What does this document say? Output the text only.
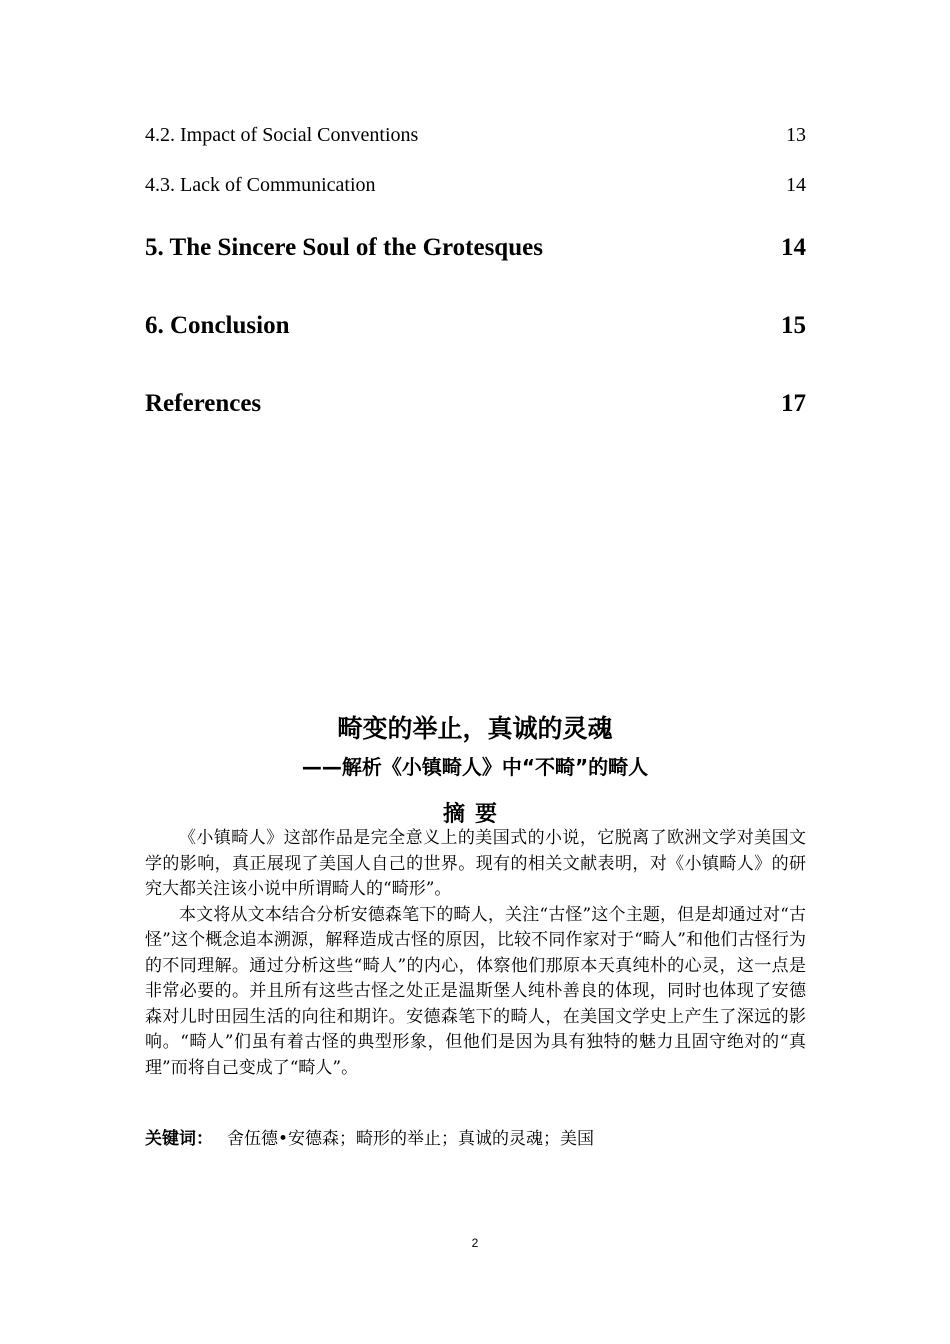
4.2. Impact of Social Conventions	13
4.3. Lack of Communication	14
5. The Sincere Soul of the Grotesques	14
6. Conclusion	15
References	17
畸变的举止，真诚的灵魂
——解析《小镇畸人》中“不畸”的畸人
摘要

《小镇畸人》这部作品是完全意义上的美国式的小说，它脱离了欧洲文学对美国文学的影响，真正展现了美国人自己的世界。现有的相关文献表明，对《小镇畸人》的研究大都关注该小说中所谓畸人的“畸形”。

本文将从文本结合分析安德森笔下的畸人，关注“古怪”这个主题，但是却通过对“古怪”这个概念追本溯源，解释造成古怪的原因，比较不同作家对于“畸人”和他们古怪行为的不同理解。通过分析这些“畸人”的内心，体察他们那原本天真纯朴的心灵，这一点是非常必要的。并且所有这些古怪之处正是温斯堡人纯朴善良的体现，同时也体现了安德森对儿时田园生活的向往和期许。安德森笔下的畸人，在美国文学史上产生了深远的影响。“畸人”们虽有着古怪的典型形象，但他们是因为具有独特的魅力且固守绝对的“真理”而将自己变成了“畸人”。

关键词： 舍伍德•安德森；畸形的举止；真诚的灵魂；美国
2
